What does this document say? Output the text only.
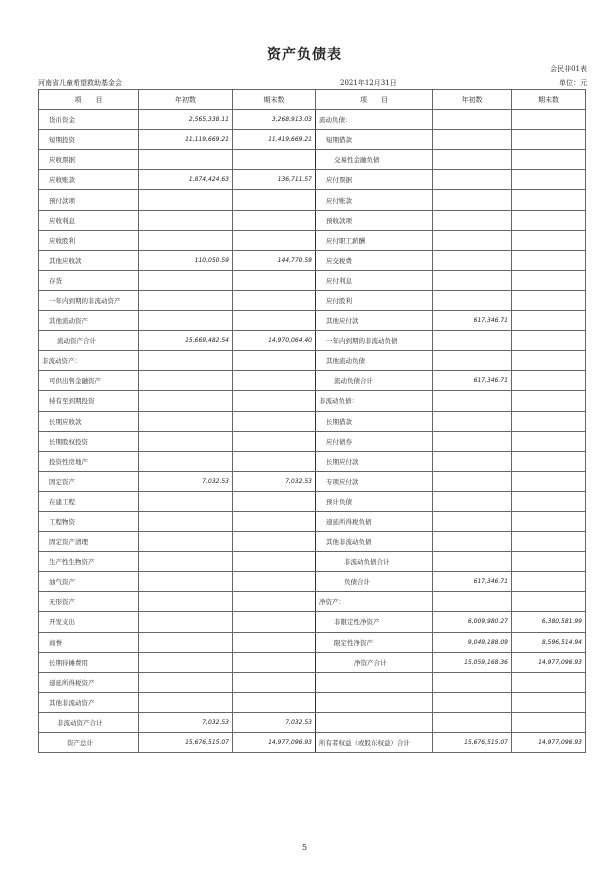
资产负债表
会民非01表
河南省儿童希望救助基金会	2021年12月31日	单位：元
项　　目	年初数	期末数	项　　目	年初数	期末数
货币资金	2,565,338.11	3,268,913.03	流动负债：		
短期投资	11,119,669.21	11,419,669.21	短期借款		
应收票据			交易性金融负债		
应收账款	1,874,424.63	136,711.57	应付票据		
预付款项			应付账款		
应收利息			预收款项		
应收股利			应付职工薪酬		
其他应收款	110,050.59	144,770.59	应交税费		
存货			应付利息		
一年内到期的非流动资产			应付股利		
其他流动资产			其他应付款	617,346.71	
流动资产合计	15,669,482.54	14,970,064.40	一年内到期的非流动负债		
非流动资产：			其他流动负债		
可供出售金融资产			流动负债合计	617,346.71	
持有至到期投资			非流动负债：		
长期应收款			长期借款		
长期股权投资			应付债券		
投资性房地产			长期应付款		
固定资产	7,032.53	7,032.53	专项应付款		
在建工程			预计负债		
工程物资			递延所得税负债		
固定资产清理			其他非流动负债		
生产性生物资产			非流动负债合计		
油气资产			负债合计	617,346.71	
无形资产			净资产：		
开发支出			非限定性净资产	6,009,980.27	6,380,581.99
商誉			限定性净资产	9,049,188.09	8,596,514.94
长期待摊费用			净资产合计	15,059,168.36	14,977,096.93
递延所得税资产					
其他非流动资产					
非流动资产合计	7,032.53	7,032.53			
资产总计	15,676,515.07	14,977,096.93	所有者权益（或股东权益）合计	15,676,515.07	14,977,096.93
5
